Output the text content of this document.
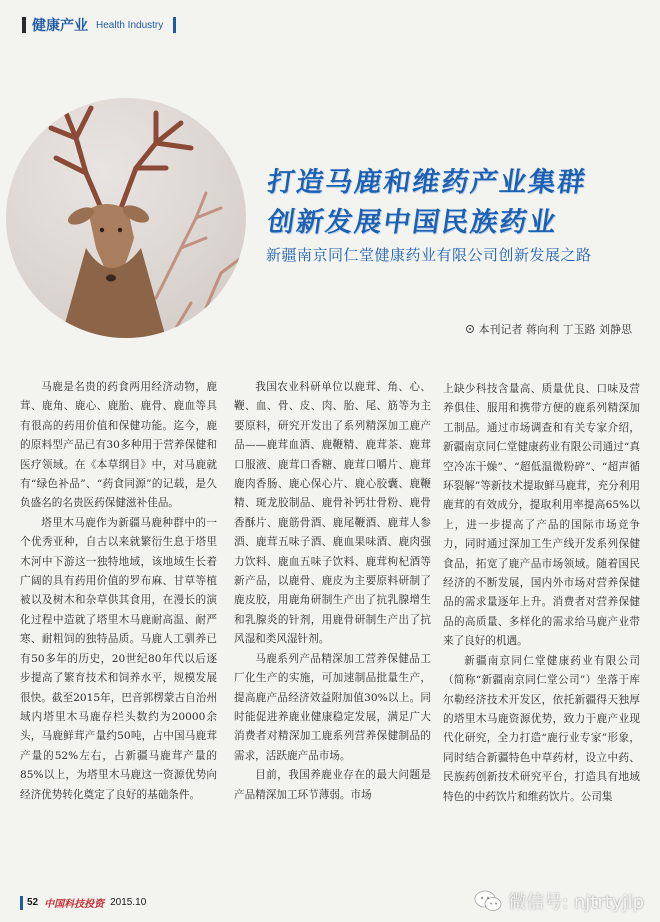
健康产业 Health Industry
打造马鹿和维药产业集群
创新发展中国民族药业
新疆南京同仁堂健康药业有限公司创新发展之路
本刊记者 蒋向利 丁玉路 刘静思

马鹿是名贵的药食两用经济动物，鹿茸、鹿角、鹿心、鹿胎、鹿骨、鹿血等具有很高的药用价值和保健功能。迄今，鹿的原料型产品已有30多种用于营养保健和医疗领域。在《本草纲目》中，对马鹿就有“绿色补品”、“药食同源”的记载，是久负盛名的名贵医药保健滋补佳品。

塔里木马鹿作为新疆马鹿种群中的一个优秀亚种，自古以来就繁衍生息于塔里木河中下游这一独特地域，该地域生长着广阔的具有药用价值的罗布麻、甘草等植被以及树木和杂草供其食用，在漫长的演化过程中造就了塔里木马鹿耐高温、耐严寒、耐粗饲的独特品质。马鹿人工驯养已有50多年的历史，20世纪80年代以后逐步提高了繁育技术和饲养水平，规模发展很快。截至2015年，巴音郭楞蒙古自治州域内塔里木马鹿存栏头数约为20000余头，马鹿鲜茸产量约50吨，占中国马鹿茸产量的52%左右，占新疆马鹿茸产量的85%以上，为塔里木马鹿这一资源优势向经济优势转化奠定了良好的基础条件。

我国农业科研单位以鹿茸、角、心、鞭、血、骨、皮、肉、胎、尾、筋等为主要原料，研究开发出了系列精深加工鹿产品——鹿茸血酒、鹿鞭精、鹿茸茶、鹿茸口服液、鹿茸口香糖、鹿茸口嚼片、鹿茸鹿肉香肠、鹿心保心片、鹿心胶囊、鹿鞭精、斑龙胶制品、鹿骨补钙壮骨粉、鹿骨香酥片、鹿筋骨酒、鹿尾鞭酒、鹿茸人参酒、鹿茸五味子酒、鹿血果味酒、鹿肉强力饮料、鹿血五味子饮料、鹿茸枸杞酒等新产品，以鹿骨、鹿皮为主要原料研制了鹿皮胶，用鹿角研制生产出了抗乳腺增生和乳腺炎的针剂，用鹿骨研制生产出了抗风湿和类风湿针剂。

马鹿系列产品精深加工营养保健品工厂化生产的实施，可加速制品批量生产，提高鹿产品经济效益附加值30%以上。同时能促进养鹿业健康稳定发展，满足广大消费者对精深加工鹿系列营养保健制品的需求，活跃鹿产品市场。

目前，我国养鹿业存在的最大问题是产品精深加工环节薄弱。市场

上缺少科技含量高、质量优良、口味及营养俱佳、服用和携带方便的鹿系列精深加工制品。通过市场调查和有关专家介绍，新疆南京同仁堂健康药业有限公司通过“真空冷冻干燥”、“超低温微粉碎”、“超声循环裂解”等新技术提取鲜马鹿茸，充分利用鹿茸的有效成分，提取利用率提高65%以上，进一步提高了产品的国际市场竞争力，同时通过深加工生产线开发系列保健食品，拓宽了鹿产品市场领域。随着国民经济的不断发展，国内外市场对营养保健品的需求量逐年上升。消费者对营养保健品的高质量、多样化的需求给马鹿产业带来了良好的机遇。

新疆南京同仁堂健康药业有限公司（简称“新疆南京同仁堂公司”）坐落于库尔勒经济技术开发区，依托新疆得天独厚的塔里木马鹿资源优势，致力于鹿产业现代化研究，全力打造“鹿行业专家”形象，同时结合新疆特色中草药材，设立中药、民族药创新技术研究平台，打造具有地域特色的中药饮片和维药饮片。公司集

52 中国科技投资 2015.10	微信号: njtrtyjlp
